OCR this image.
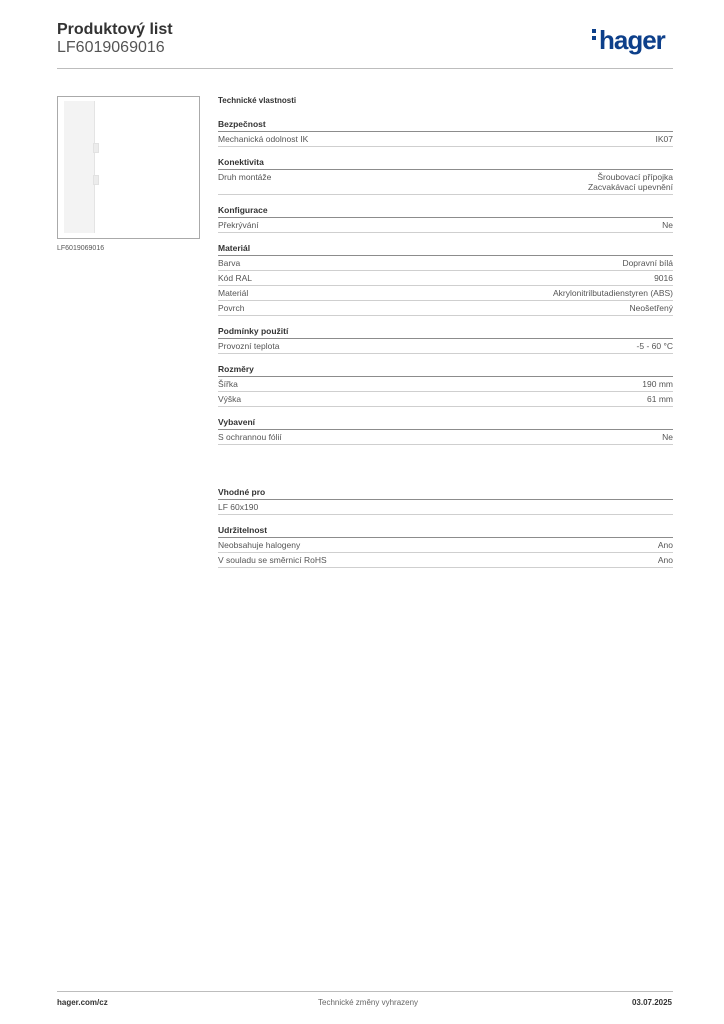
Produktový list
LF6019069016	hager
LF6019069016
Technické vlastnosti
Bezpečnost
Mechanická odolnost IK	IK07
Konektivita
Druh montáže	Šroubovací přípojka
Zacvakávací upevnění
Konfigurace
Překrývání	Ne
Materiál
Barva	Dopravní bílá
Kód RAL	9016
Materiál	Akrylonitrilbutadienstyren (ABS)
Povrch	Neošetřený
Podmínky použití
Provozní teplota	-5 - 60 °C
Rozměry
Šířka	190 mm
Výška	61 mm
Vybavení
S ochrannou fólií	Ne
Vhodné pro
LF 60x190
Udržitelnost
Neobsahuje halogeny	Ano
V souladu se směrnicí RoHS	Ano
hager.com/cz	Technické změny vyhrazeny	03.07.2025
